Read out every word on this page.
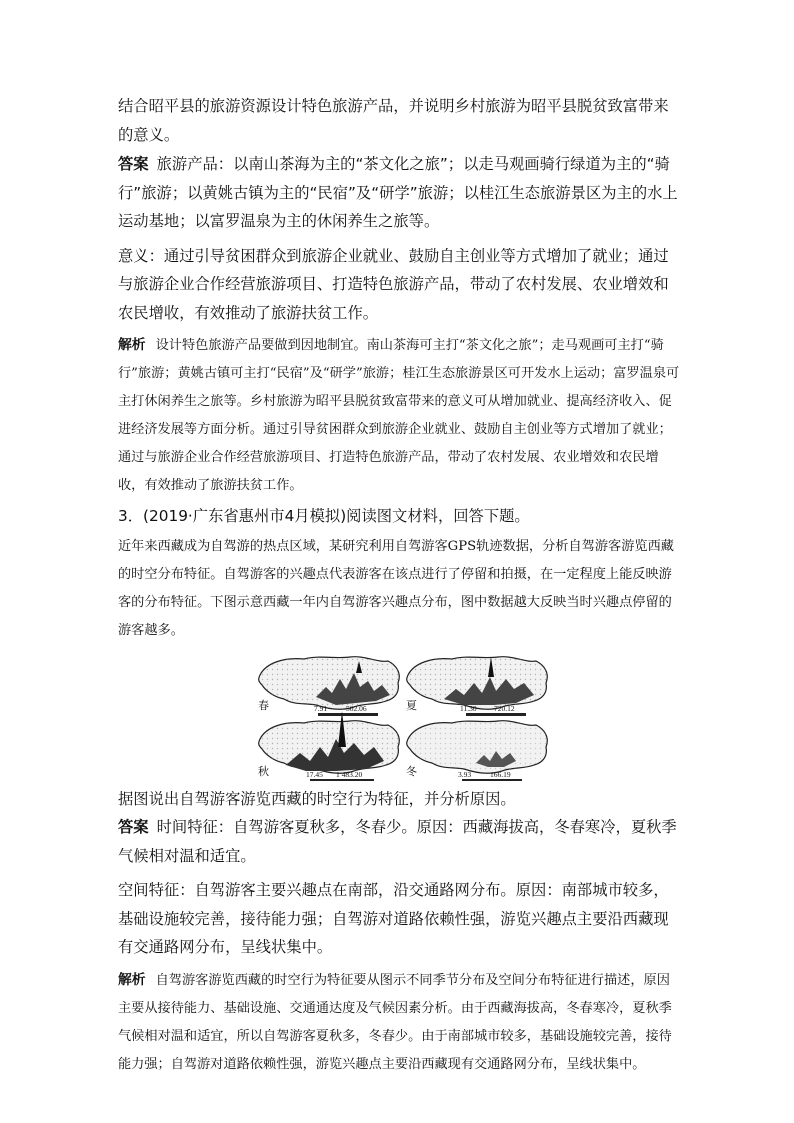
结合昭平县的旅游资源设计特色旅游产品，并说明乡村旅游为昭平县脱贫致富带来的意义。

答案 旅游产品：以南山茶海为主的“茶文化之旅”；以走马观画骑行绿道为主的“骑行”旅游；以黄姚古镇为主的“民宿”及“研学”旅游；以桂江生态旅游景区为主的水上运动基地；以富罗温泉为主的休闲养生之旅等。

意义：通过引导贫困群众到旅游企业就业、鼓励自主创业等方式增加了就业；通过与旅游企业合作经营旅游项目、打造特色旅游产品，带动了农村发展、农业增效和农民增收，有效推动了旅游扶贫工作。

解析 设计特色旅游产品要做到因地制宜。南山茶海可主打“茶文化之旅”；走马观画可主打“骑行”旅游；黄姚古镇可主打“民宿”及“研学”旅游；桂江生态旅游景区可开发水上运动；富罗温泉可主打休闲养生之旅等。乡村旅游为昭平县脱贫致富带来的意义可从增加就业、提高经济收入、促进经济发展等方面分析。通过引导贫困群众到旅游企业就业、鼓励自主创业等方式增加了就业；通过与旅游企业合作经营旅游项目、打造特色旅游产品，带动了农村发展、农业增效和农民增收，有效推动了旅游扶贫工作。

3．(2019·广东省惠州市4月模拟)阅读图文材料，回答下题。

近年来西藏成为自驾游的热点区域，某研究利用自驾游客GPS轨迹数据，分析自驾游客游览西藏的时空分布特征。自驾游客的兴趣点代表游客在该点进行了停留和拍摄，在一定程度上能反映游客的分布特征。下图示意西藏一年内自驾游客兴趣点分布，图中数据越大反映当时兴趣点停留的游客越多。

春	7.91	502.06	夏	11.30 720.12
秋	17.45 1 483.20	冬	3.93	166.19

据图说出自驾游客游览西藏的时空行为特征，并分析原因。

答案 时间特征：自驾游客夏秋多，冬春少。原因：西藏海拔高，冬春寒冷，夏秋季气候相对温和适宜。

空间特征：自驾游客主要兴趣点在南部，沿交通路网分布。原因：南部城市较多，基础设施较完善，接待能力强；自驾游对道路依赖性强，游览兴趣点主要沿西藏现有交通路网分布，呈线状集中。

解析 自驾游客游览西藏的时空行为特征要从图示不同季节分布及空间分布特征进行描述，原因主要从接待能力、基础设施、交通通达度及气候因素分析。由于西藏海拔高，冬春寒冷，夏秋季气候相对温和适宜，所以自驾游客夏秋多，冬春少。由于南部城市较多，基础设施较完善，接待能力强；自驾游对道路依赖性强，游览兴趣点主要沿西藏现有交通路网分布，呈线状集中。
